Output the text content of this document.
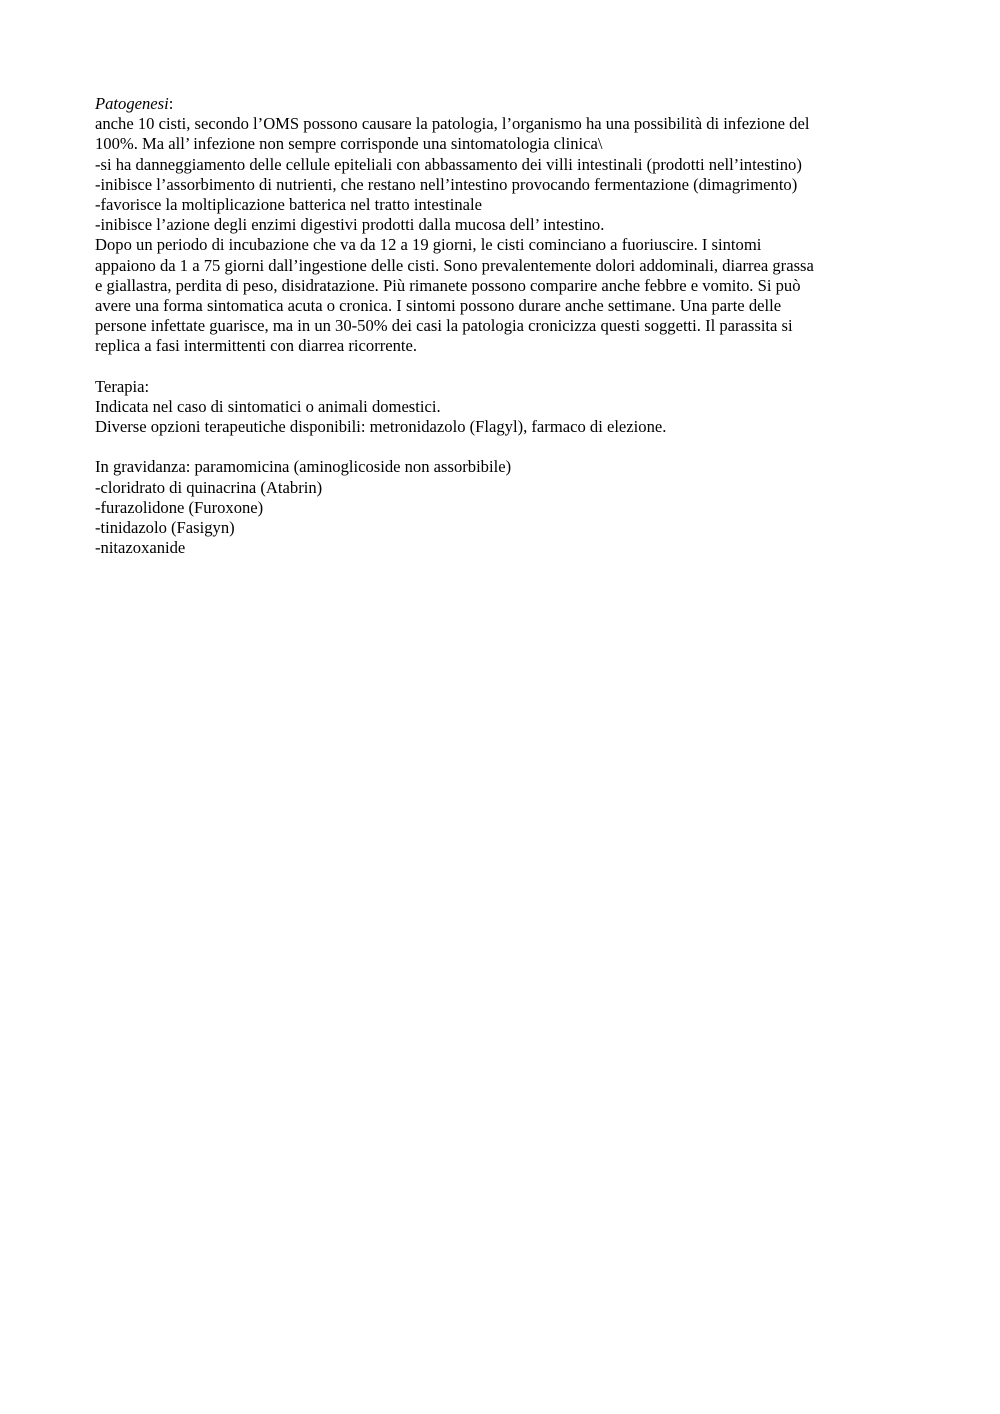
Patogenesi:
anche 10 cisti, secondo l’OMS possono causare la patologia, l’organismo ha una possibilità di infezione del
100%. Ma all’ infezione non sempre corrisponde una sintomatologia clinica\
-si ha danneggiamento delle cellule epiteliali con abbassamento dei villi intestinali (prodotti nell’intestino)
-inibisce l’assorbimento di nutrienti, che restano nell’intestino provocando fermentazione (dimagrimento)
-favorisce la moltiplicazione batterica nel tratto intestinale
-inibisce l’azione degli enzimi digestivi prodotti dalla mucosa dell’ intestino.
Dopo un periodo di incubazione che va da 12 a 19 giorni, le cisti cominciano a fuoriuscire. I sintomi
appaiono da 1 a 75 giorni dall’ingestione delle cisti. Sono prevalentemente dolori addominali, diarrea grassa
e giallastra, perdita di peso, disidratazione. Più rimanete possono comparire anche febbre e vomito. Si può
avere una forma sintomatica acuta o cronica. I sintomi possono durare anche settimane. Una parte delle
persone infettate guarisce, ma in un 30-50% dei casi la patologia cronicizza questi soggetti. Il parassita si
replica a fasi intermittenti con diarrea ricorrente.
Terapia:
Indicata nel caso di sintomatici o animali domestici.
Diverse opzioni terapeutiche disponibili: metronidazolo (Flagyl), farmaco di elezione.
In gravidanza: paramomicina (aminoglicoside non assorbibile)
-cloridrato di quinacrina (Atabrin)
-furazolidone (Furoxone)
-tinidazolo (Fasigyn)
-nitazoxanide
